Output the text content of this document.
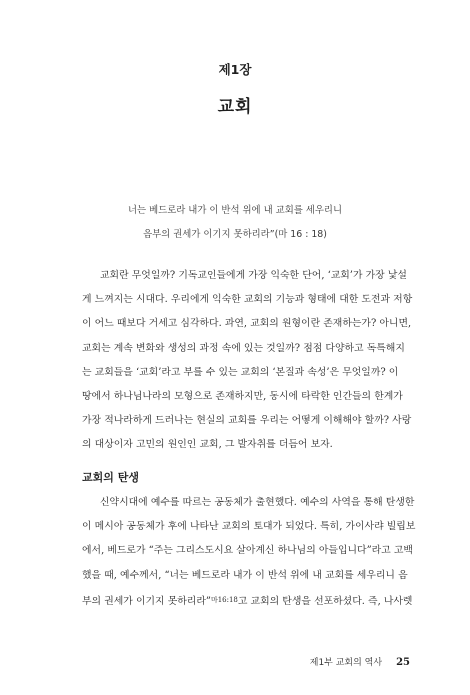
제1장
교회
너는 베드로라 내가 이 반석 위에 내 교회를 세우리니
음부의 권세가 이기지 못하리라”(마 16 : 18)
교회란 무엇일까? 기독교인들에게 가장 익숙한 단어, ‘교회’가 가장 낯설
게 느껴지는 시대다. 우리에게 익숙한 교회의 기능과 형태에 대한 도전과 저항
이 어느 때보다 거세고 심각하다. 과연, 교회의 원형이란 존재하는가? 아니면,
교회는 계속 변화와 생성의 과정 속에 있는 것일까? 점점 다양하고 독특해지
는 교회들을 ‘교회’라고 부를 수 있는 교회의 ‘본질과 속성’은 무엇일까? 이
땅에서 하나님나라의 모형으로 존재하지만, 동시에 타락한 인간들의 한계가
가장 적나라하게 드러나는 현실의 교회를 우리는 어떻게 이해해야 할까? 사랑
의 대상이자 고민의 원인인 교회, 그 발자취를 더듬어 보자.
교회의 탄생
신약시대에 예수를 따르는 공동체가 출현했다. 예수의 사역을 통해 탄생한
이 메시아 공동체가 후에 나타난 교회의 토대가 되었다. 특히, 가이사랴 빌립보
에서, 베드로가 “주는 그리스도시요 살아계신 하나님의 아들입니다”라고 고백
했을 때, 예수께서, “너는 베드로라 내가 이 반석 위에 내 교회를 세우리니 음
부의 권세가 이기지 못하리라”$^{마16:18}$고 교회의 탄생을 선포하셨다. 즉, 나사렛
제1부 교회의 역사 25
